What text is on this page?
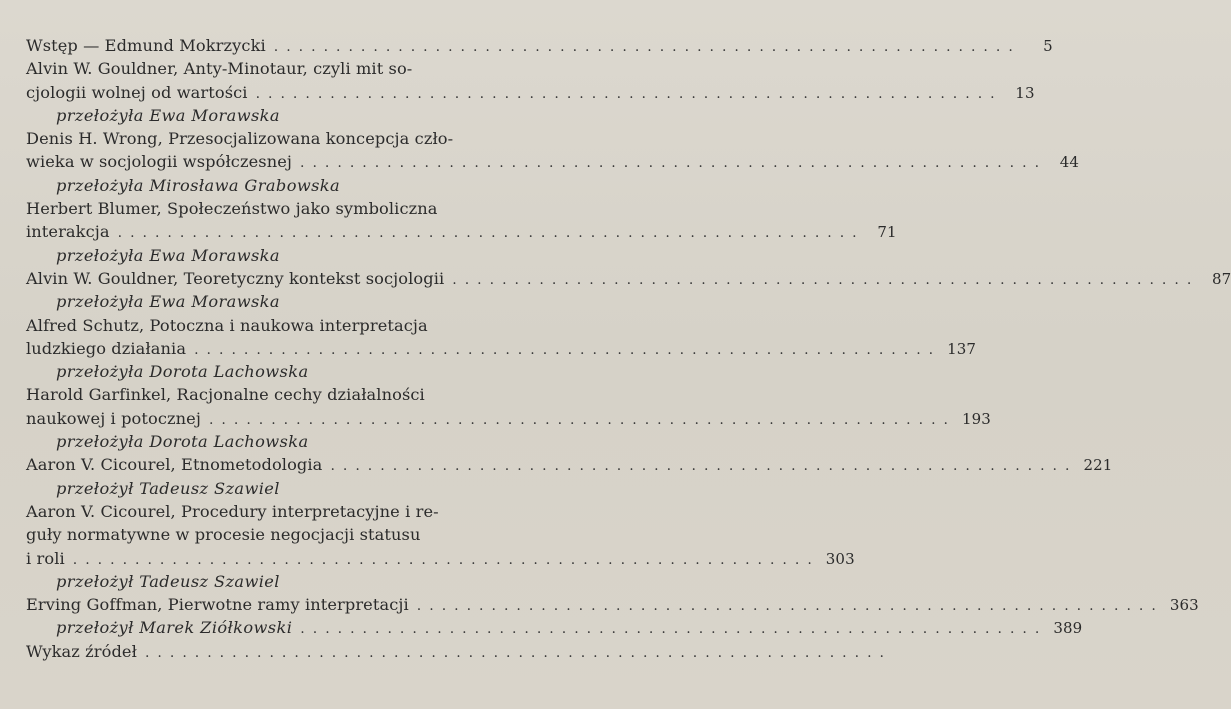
Wstęp — Edmund Mokrzycki ............................................................	5
Alvin W. Gouldner, Anty-Minotaur, czyli mit so-
cjologii wolnej od wartości ............................................................ 13
przełożyła Ewa Morawska
Denis H. Wrong, Przesocjalizowana koncepcja czło-
wieka w socjologii współczesnej ............................................................ 44
przełożyła Mirosława Grabowska
Herbert Blumer, Społeczeństwo jako symboliczna
interakcja ............................................................ 71
przełożyła Ewa Morawska
Alvin W. Gouldner, Teoretyczny kontekst socjologii ............................................................ 87
przełożyła Ewa Morawska
Alfred Schutz, Potoczna i naukowa interpretacja
ludzkiego działania ............................................................ 137
przełożyła Dorota Lachowska
Harold Garfinkel, Racjonalne cechy działalności
naukowej i potocznej ............................................................ 193
przełożyła Dorota Lachowska
Aaron V. Cicourel, Etnometodologia ............................................................ 221
przełożył Tadeusz Szawiel
Aaron V. Cicourel, Procedury interpretacyjne i re-
guły normatywne w procesie negocjacji statusu
i roli ............................................................ 303
przełożył Tadeusz Szawiel
Erving Goffman, Pierwotne ramy interpretacji ............................................................ 363
przełożył Marek Ziółkowski ............................................................ 389
Wykaz źródeł ............................................................
